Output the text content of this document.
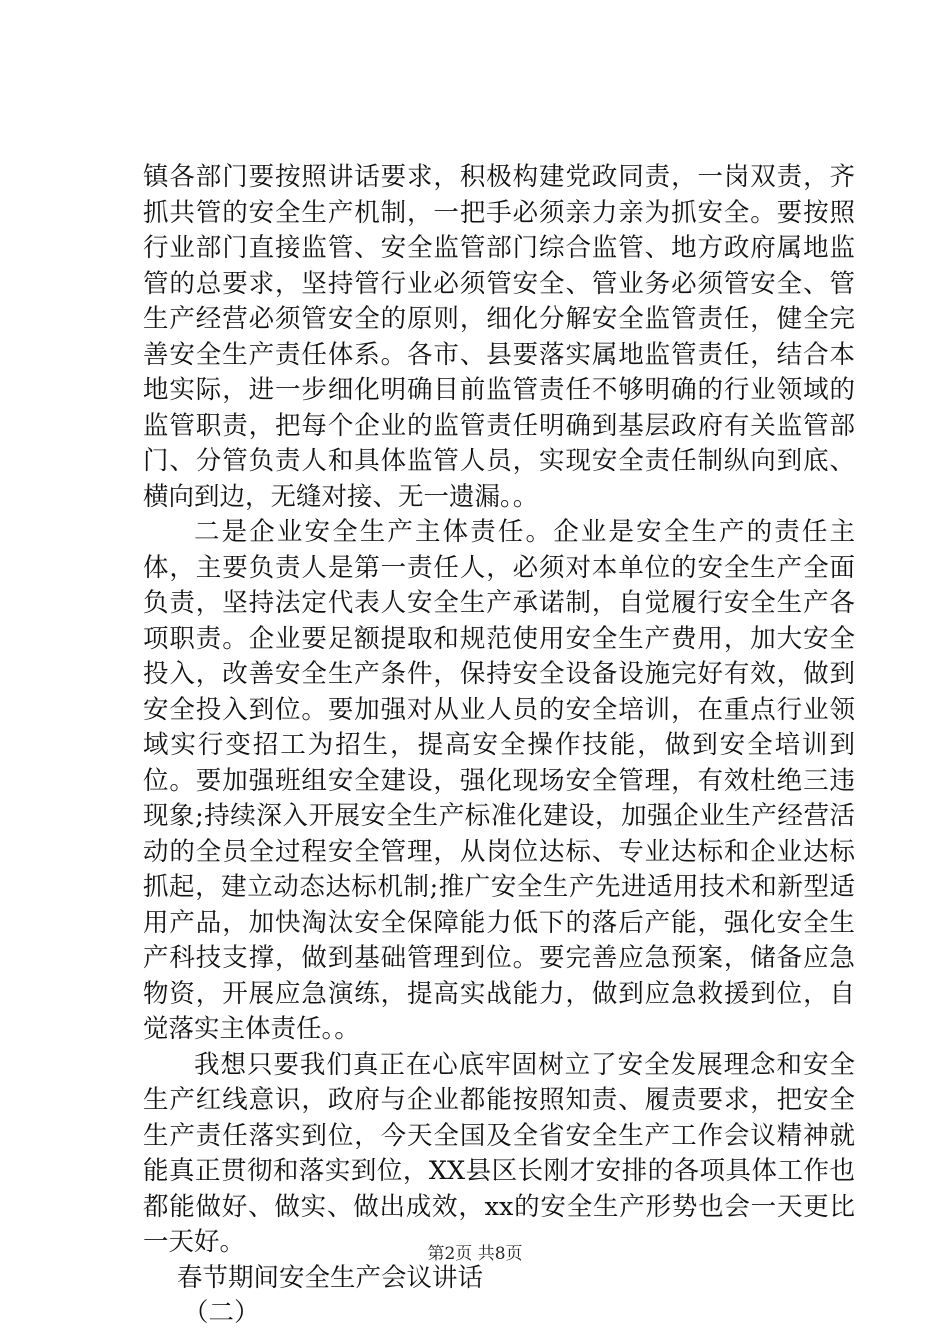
镇各部门要按照讲话要求，积极构建党政同责，一岗双责，齐抓共管的安全生产机制，一把手必须亲力亲为抓安全。要按照行业部门直接监管、安全监管部门综合监管、地方政府属地监管的总要求，坚持管行业必须管安全、管业务必须管安全、管生产经营必须管安全的原则，细化分解安全监管责任，健全完善安全生产责任体系。各市、县要落实属地监管责任，结合本地实际，进一步细化明确目前监管责任不够明确的行业领域的监管职责，把每个企业的监管责任明确到基层政府有关监管部门、分管负责人和具体监管人员，实现安全责任制纵向到底、横向到边，无缝对接、无一遗漏。。

二是企业安全生产主体责任。企业是安全生产的责任主体，主要负责人是第一责任人，必须对本单位的安全生产全面负责，坚持法定代表人安全生产承诺制，自觉履行安全生产各项职责。企业要足额提取和规范使用安全生产费用，加大安全投入，改善安全生产条件，保持安全设备设施完好有效，做到安全投入到位。要加强对从业人员的安全培训，在重点行业领域实行变招工为招生，提高安全操作技能，做到安全培训到位。要加强班组安全建设，强化现场安全管理，有效杜绝三违现象;持续深入开展安全生产标准化建设，加强企业生产经营活动的全员全过程安全管理，从岗位达标、专业达标和企业达标抓起，建立动态达标机制;推广安全生产先进适用技术和新型适用产品，加快淘汰安全保障能力低下的落后产能，强化安全生产科技支撑，做到基础管理到位。要完善应急预案，储备应急物资，开展应急演练，提高实战能力，做到应急救援到位，自觉落实主体责任。。

我想只要我们真正在心底牢固树立了安全发展理念和安全生产红线意识，政府与企业都能按照知责、履责要求，把安全生产责任落实到位，今天全国及全省安全生产工作会议精神就能真正贯彻和落实到位，XX县区长刚才安排的各项具体工作也都能做好、做实、做出成效，xx的安全生产形势也会一天更比一天好。

春节期间安全生产会议讲话

（二）

第2页 共8页
